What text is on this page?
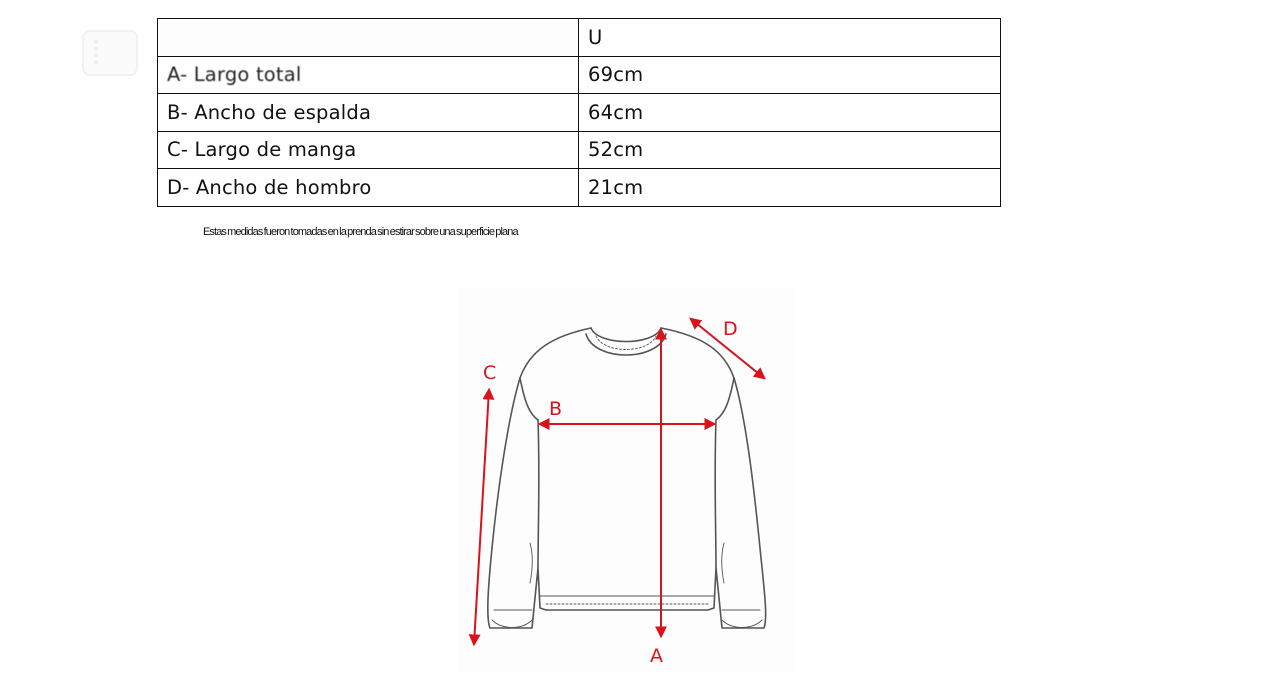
	U
A- Largo total	69cm
B- Ancho de espalda	64cm
C- Largo de manga	52cm
D- Ancho de hombro	21cm
Estas medidas fueron tomadas en la prenda sin estirar sobre una superficie plana
A
B
C
D
